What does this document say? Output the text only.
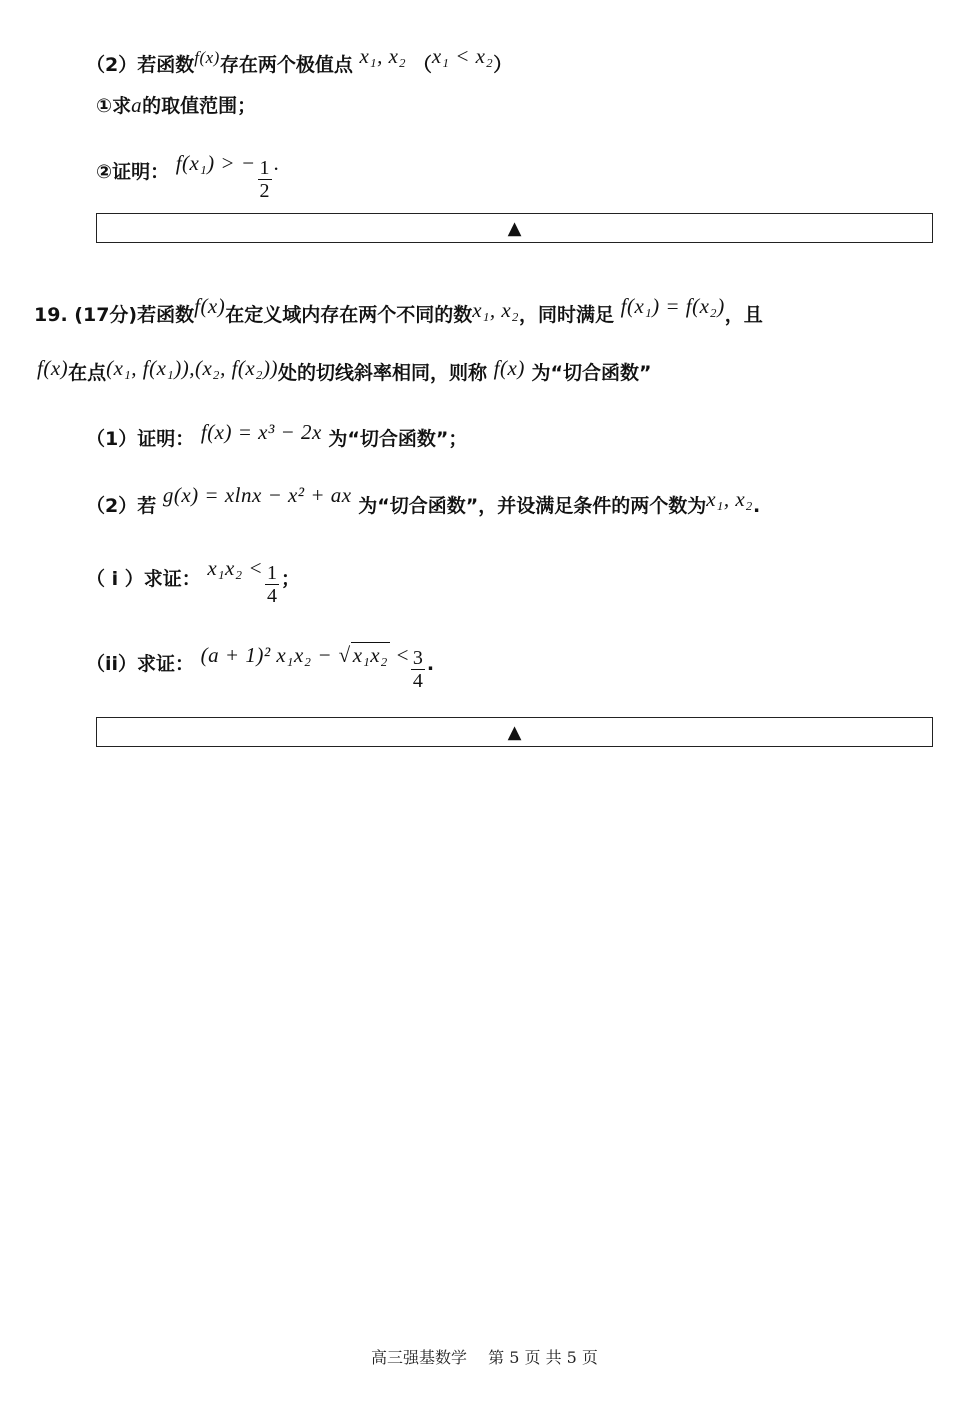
（2）若函数f(x)存在两个极值点 x₁, x₂ （x₁ < x₂）
①求a的取值范围；
②证明： f(x₁) > − $\frac{1}{2}$ .
▲
19. (17分)若函数f(x)在定义域内存在两个不同的数x₁, x₂，同时满足 f(x₁) = f(x₂)，且
f(x)在点(x₁, f(x₁)),(x₂, f(x₂))处的切线斜率相同，则称 f(x) 为“切合函数”
（1）证明： f(x) = x³ − 2x 为“切合函数”；
（2）若 g(x) = xlnx − x² + ax 为“切合函数”，并设满足条件的两个数为x₁, x₂.
（ i ）求证： $x_1x_2 < \frac{1}{4}$ ；
（ii）求证： (a + 1)² $x_1x_2 - √x_1x_2 < \frac{3}{4}$ .
▲
高三强基数学　 第 5 页 共 5 页
